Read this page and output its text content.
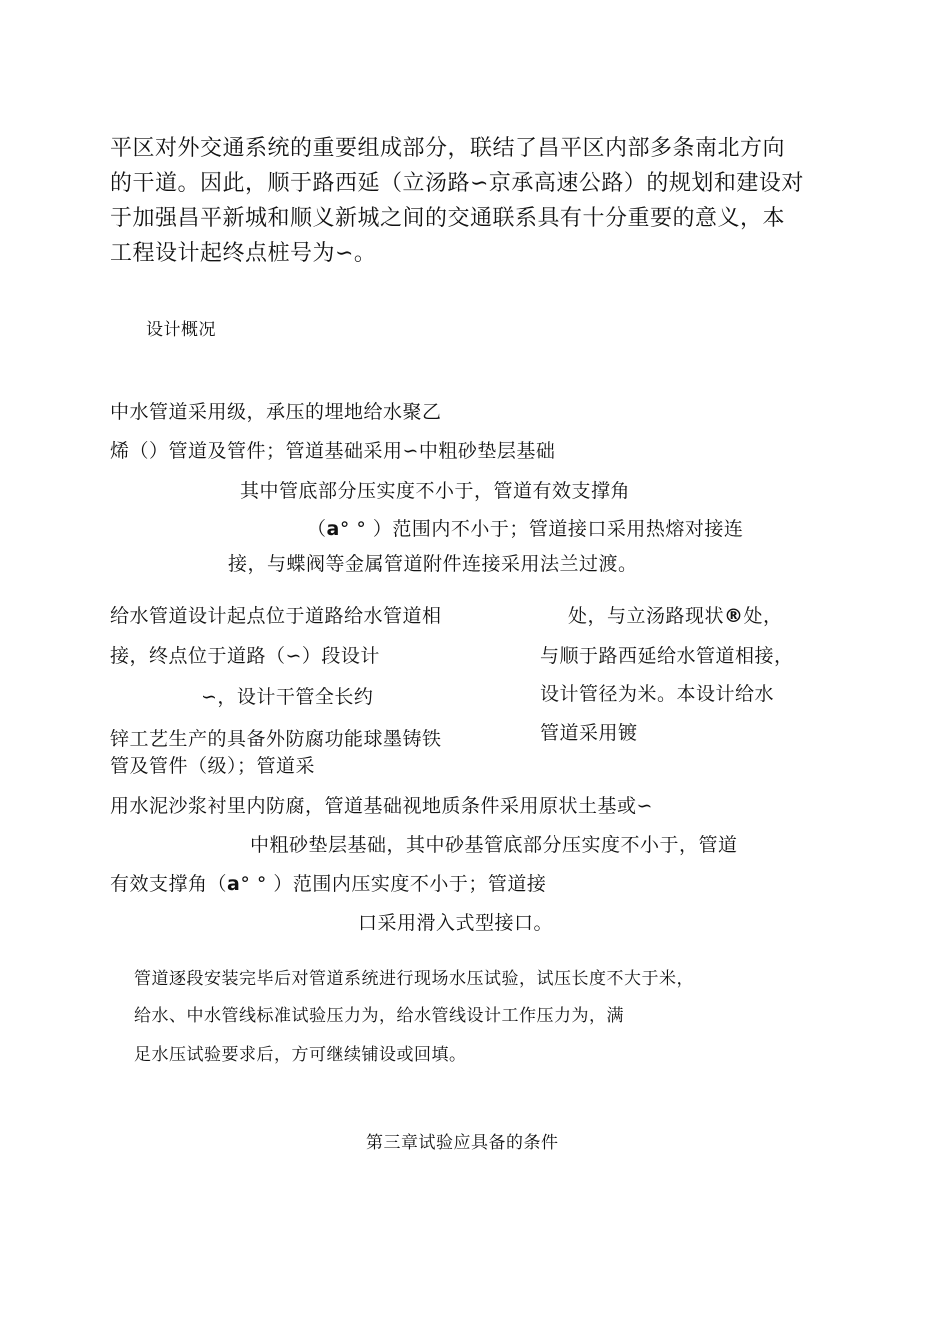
平区对外交通系统的重要组成部分，联结了昌平区内部多条南北方向
的干道。因此，顺于路西延（立汤路∽京承高速公路）的规划和建设对
于加强昌平新城和顺义新城之间的交通联系具有十分重要的意义，本
工程设计起终点桩号为∽。
设计概况
中水管道采用级，承压的埋地给水聚乙
烯（）管道及管件；管道基础采用∽中粗砂垫层基础
其中管底部分压实度不小于，管道有效支撑角
（a° ° ）范围内不小于；管道接口采用热熔对接连
接，与蝶阀等金属管道附件连接采用法兰过渡。
给水管道设计起点位于道路给水管道相
接，终点位于道路（∽）段设计
∽，设计干管全长约
锌工艺生产的具备外防腐功能球墨铸铁
管及管件（级）；管道采
处，与立汤路现状®处，
与顺于路西延给水管道相接，
设计管径为米。本设计给水
管道采用镀
用水泥沙浆衬里内防腐，管道基础视地质条件采用原状土基或∽
中粗砂垫层基础，其中砂基管底部分压实度不小于，管道
有效支撑角（a° ° ）范围内压实度不小于；管道接
口采用滑入式型接口。
管道逐段安装完毕后对管道系统进行现场水压试验，试压长度不大于米，
给水、中水管线标准试验压力为，给水管线设计工作压力为，满
足水压试验要求后，方可继续铺设或回填。
第三章试验应具备的条件
